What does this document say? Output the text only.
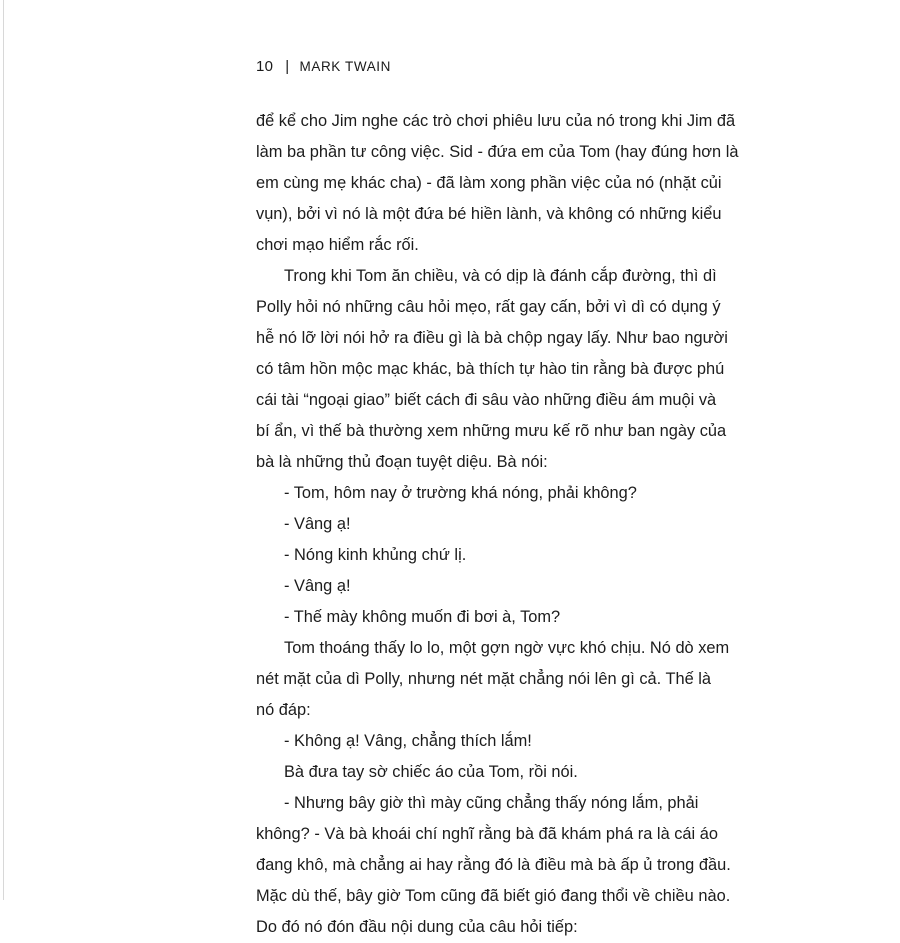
10 | MARK TWAIN
để kể cho Jim nghe các trò chơi phiêu lưu của nó trong khi Jim đã
làm ba phần tư công việc. Sid - đứa em của Tom (hay đúng hơn là
em cùng mẹ khác cha) - đã làm xong phần việc của nó (nhặt củi
vụn), bởi vì nó là một đứa bé hiền lành, và không có những kiểu
chơi mạo hiểm rắc rối.
Trong khi Tom ăn chiều, và có dịp là đánh cắp đường, thì dì
Polly hỏi nó những câu hỏi mẹo, rất gay cấn, bởi vì dì có dụng ý
hễ nó lỡ lời nói hở ra điều gì là bà chộp ngay lấy. Như bao người
có tâm hồn mộc mạc khác, bà thích tự hào tin rằng bà được phú
cái tài “ngoại giao” biết cách đi sâu vào những điều ám muội và
bí ẩn, vì thế bà thường xem những mưu kế rõ như ban ngày của
bà là những thủ đoạn tuyệt diệu. Bà nói:
- Tom, hôm nay ở trường khá nóng, phải không?
- Vâng ạ!
- Nóng kinh khủng chứ lị.
- Vâng ạ!
- Thế mày không muốn đi bơi à, Tom?
Tom thoáng thấy lo lo, một gợn ngờ vực khó chịu. Nó dò xem
nét mặt của dì Polly, nhưng nét mặt chẳng nói lên gì cả. Thế là
nó đáp:
- Không ạ! Vâng, chẳng thích lắm!
Bà đưa tay sờ chiếc áo của Tom, rồi nói.
- Nhưng bây giờ thì mày cũng chẳng thấy nóng lắm, phải
không? - Và bà khoái chí nghĩ rằng bà đã khám phá ra là cái áo
đang khô, mà chẳng ai hay rằng đó là điều mà bà ấp ủ trong đầu.
Mặc dù thế, bây giờ Tom cũng đã biết gió đang thổi về chiều nào.
Do đó nó đón đầu nội dung của câu hỏi tiếp:
